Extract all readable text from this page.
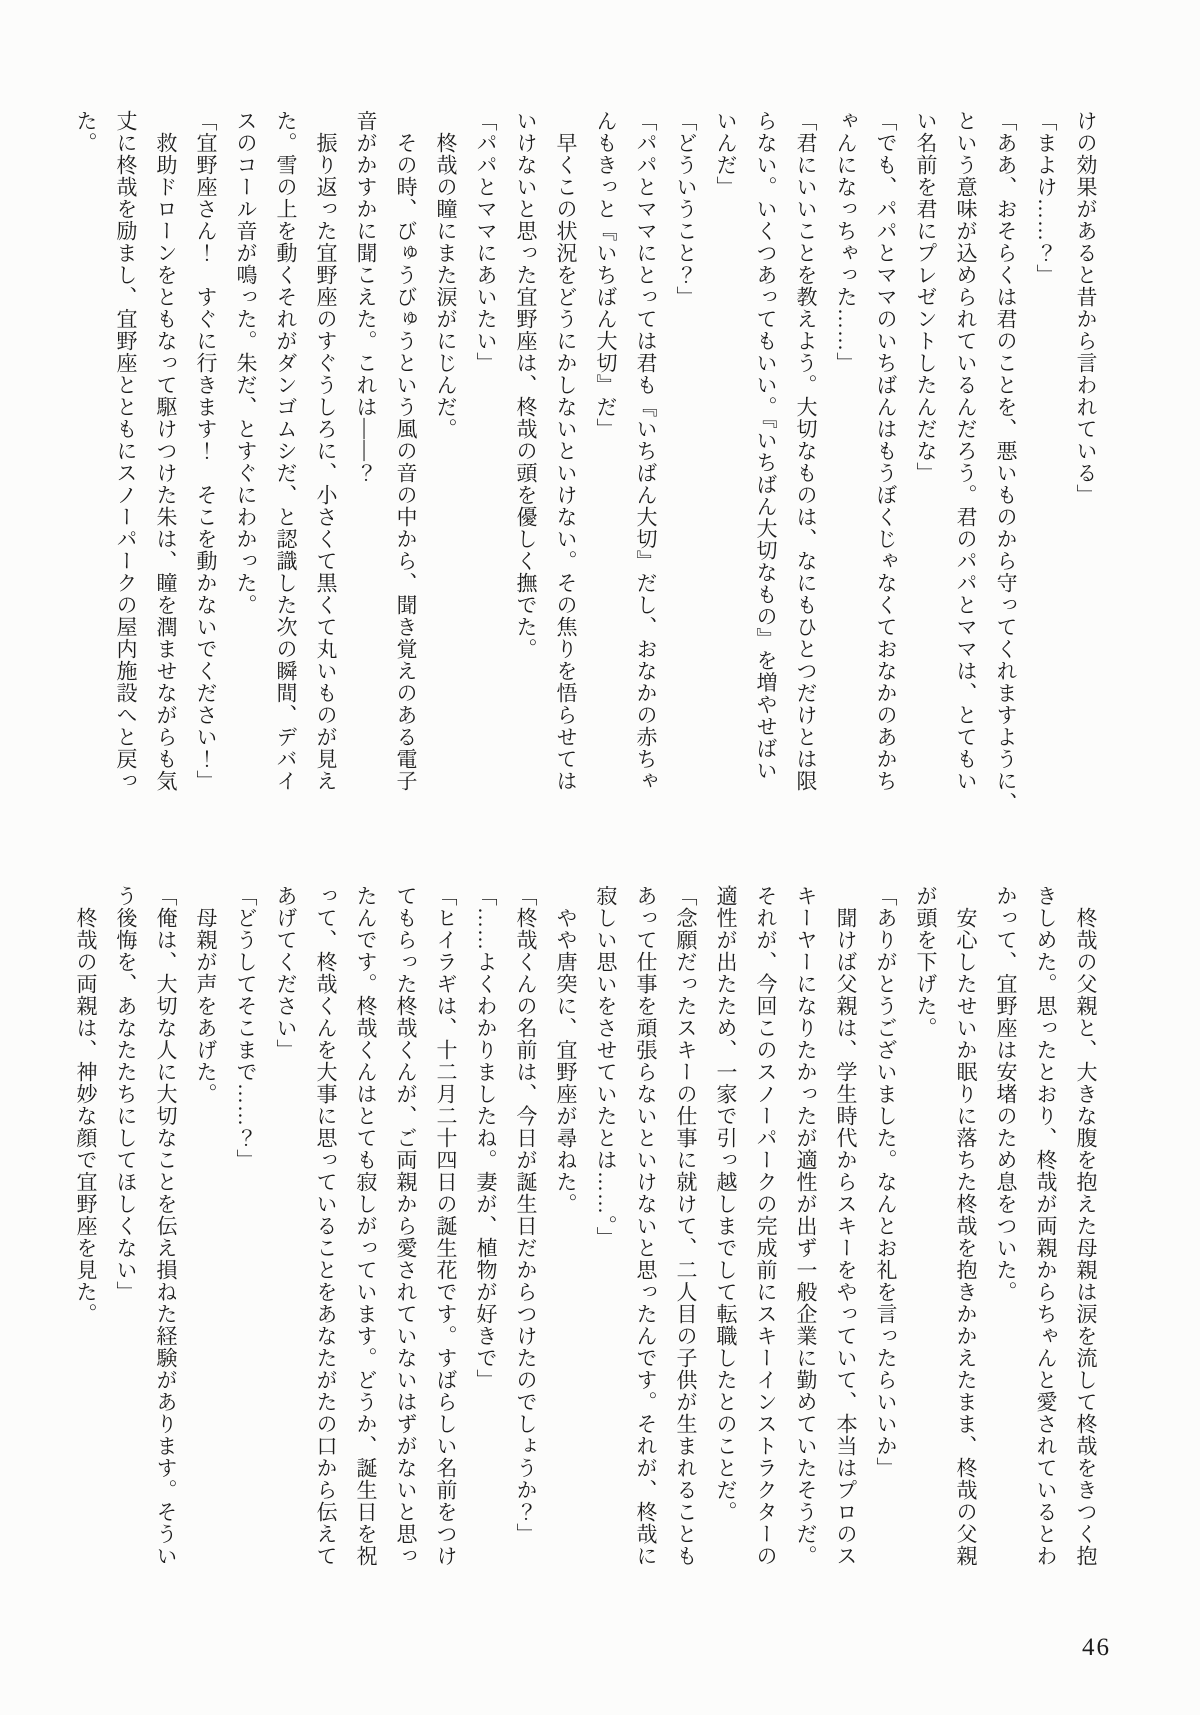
けの効果があると昔から言われている」

「まよけ……？」

「ああ、おそらくは君のことを、悪いものから守ってくれますように、

という意味が込められているんだろう。君のパパとママは、とてもい

い名前を君にプレゼントしたんだな」

「でも、パパとママのいちばんはもうぼくじゃなくておなかのあかち

ゃんになっちゃった……」

「君にいいことを教えよう。大切なものは、なにもひとつだけとは限

らない。いくつあってもいい。『いちばん大切なもの』を増やせばい

いんだ」

「どういうこと？」

「パパとママにとっては君も『いちばん大切』だし、おなかの赤ちゃ

んもきっと『いちばん大切』だ」

　早くこの状況をどうにかしないといけない。その焦りを悟らせては

いけないと思った宜野座は、柊哉の頭を優しく撫でた。

「パパとママにあいたい」

　柊哉の瞳にまた涙がにじんだ。

　その時、びゅうびゅうという風の音の中から、聞き覚えのある電子

音がかすかに聞こえた。これは——？

　振り返った宜野座のすぐうしろに、小さくて黒くて丸いものが見え

た。雪の上を動くそれがダンゴムシだ、と認識した次の瞬間、デバイ

スのコール音が鳴った。朱だ、とすぐにわかった。

「宜野座さん！　すぐに行きます！　そこを動かないでください！」

　救助ドローンをともなって駆けつけた朱は、瞳を潤ませながらも気

丈に柊哉を励まし、宜野座とともにスノーパークの屋内施設へと戻っ

た。

　柊哉の父親と、大きな腹を抱えた母親は涙を流して柊哉をきつく抱

きしめた。思ったとおり、柊哉が両親からちゃんと愛されているとわ

かって、宜野座は安堵のため息をついた。

　安心したせいか眠りに落ちた柊哉を抱きかかえたまま、柊哉の父親

が頭を下げた。

「ありがとうございました。なんとお礼を言ったらいいか」

　聞けば父親は、学生時代からスキーをやっていて、本当はプロのス

キーヤーになりたかったが適性が出ず一般企業に勤めていたそうだ。

それが、今回このスノーパークの完成前にスキーインストラクターの

適性が出たため、一家で引っ越しまでして転職したとのことだ。

「念願だったスキーの仕事に就けて、二人目の子供が生まれることも

あって仕事を頑張らないといけないと思ったんです。それが、柊哉に

寂しい思いをさせていたとは……。」

　やや唐突に、宜野座が尋ねた。

「柊哉くんの名前は、今日が誕生日だからつけたのでしょうか？」

「……よくわかりましたね。妻が、植物が好きで」

「ヒイラギは、十二月二十四日の誕生花です。すばらしい名前をつけ

てもらった柊哉くんが、ご両親から愛されていないはずがないと思っ

たんです。柊哉くんはとても寂しがっています。どうか、誕生日を祝

って、柊哉くんを大事に思っていることをあなたがたの口から伝えて

あげてください」

「どうしてそこまで……？」

　母親が声をあげた。

「俺は、大切な人に大切なことを伝え損ねた経験があります。そうい

う後悔を、あなたたちにしてほしくない」

　柊哉の両親は、神妙な顔で宜野座を見た。

46
